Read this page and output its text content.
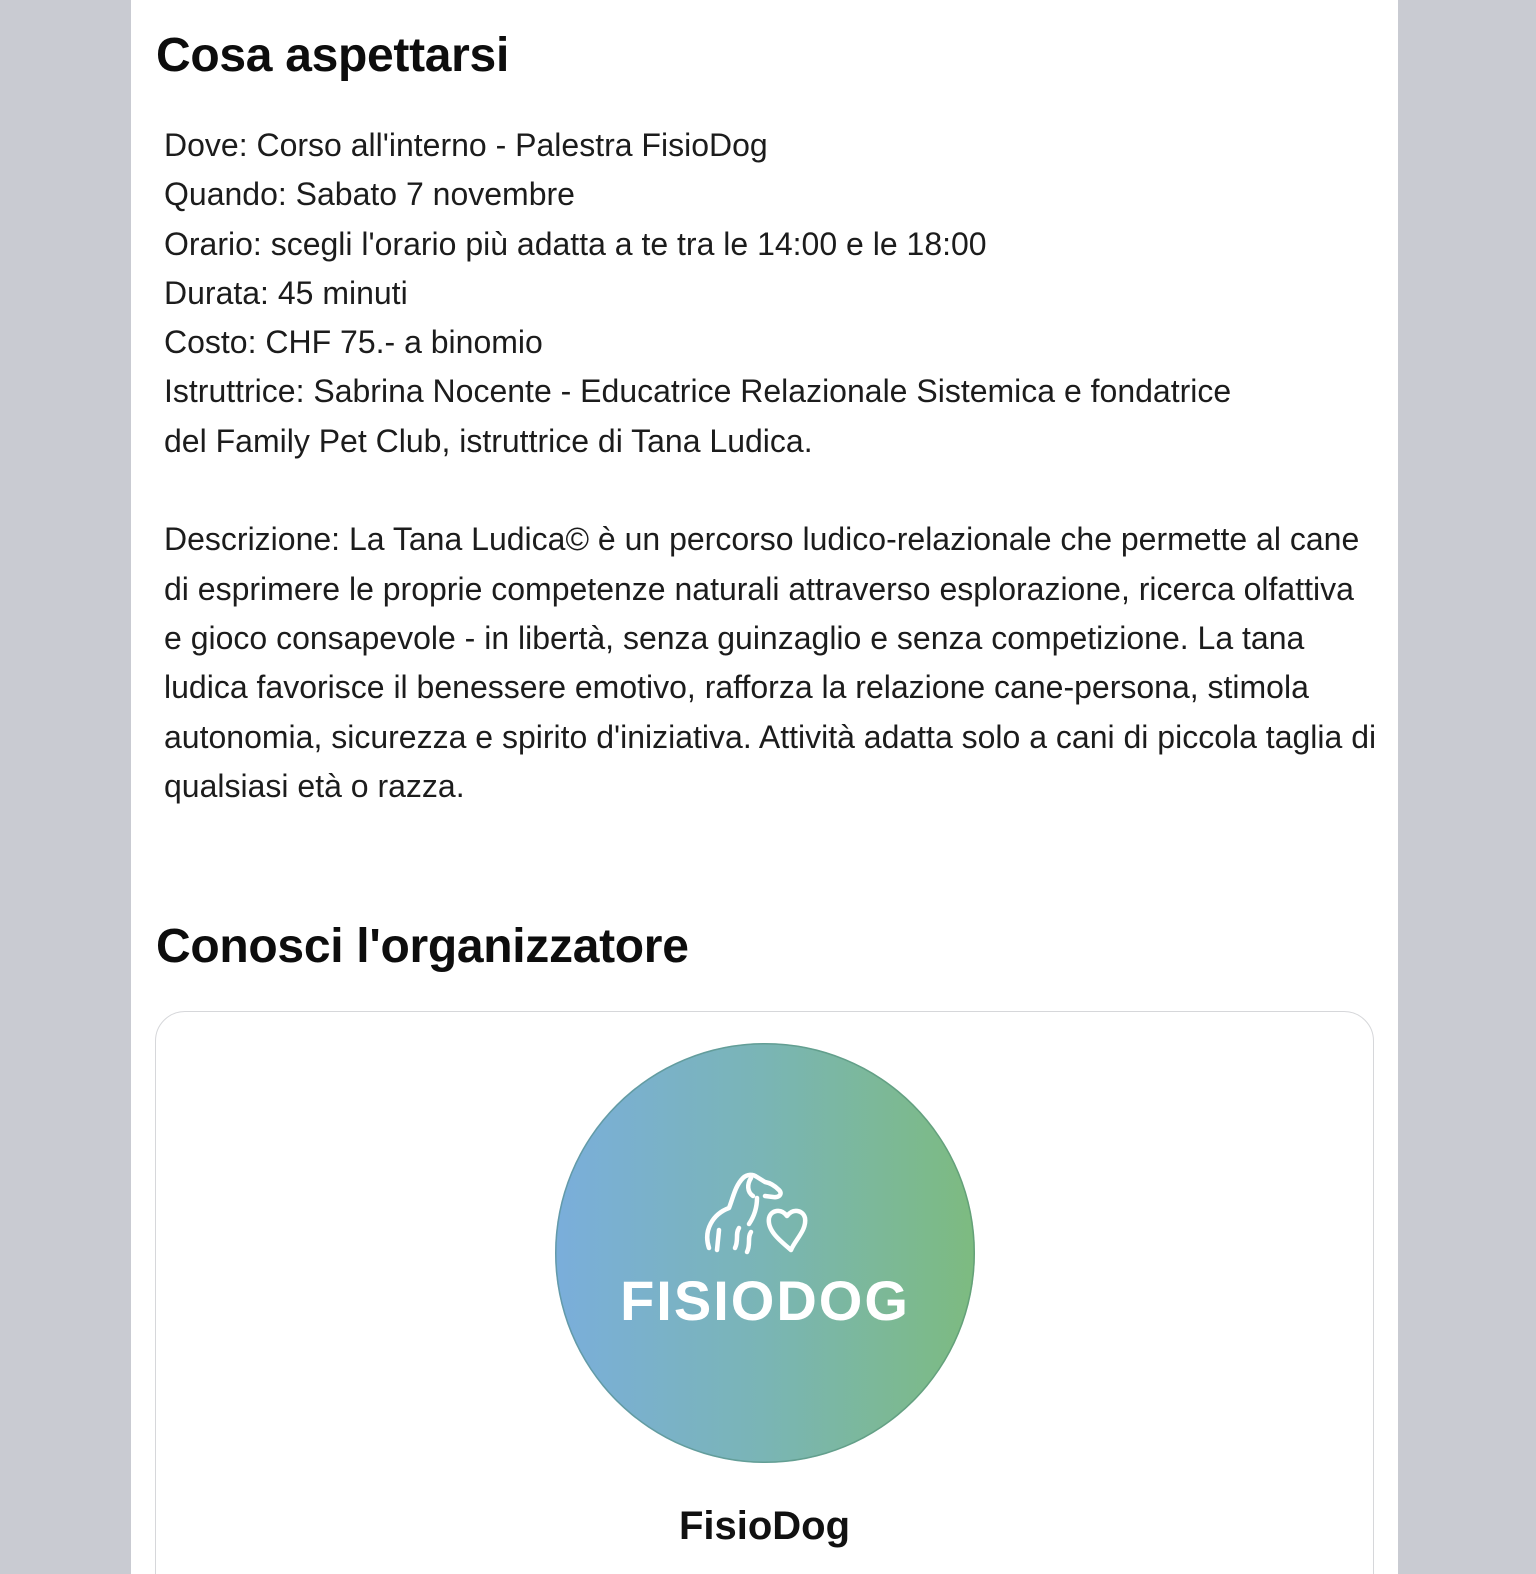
Cosa aspettarsi
Dove: Corso all'interno - Palestra FisioDog
Quando: Sabato 7 novembre
Orario: scegli l'orario più adatta a te tra le 14:00 e le 18:00
Durata: 45 minuti
Costo: CHF 75.- a binomio
Istruttrice: Sabrina Nocente - Educatrice Relazionale Sistemica e fondatrice
del Family Pet Club, istruttrice di Tana Ludica.
Descrizione: La Tana Ludica© è un percorso ludico-relazionale che permette al cane di esprimere le proprie competenze naturali attraverso esplorazione, ricerca olfattiva e gioco consapevole - in libertà, senza guinzaglio e senza competizione. La tana ludica favorisce il benessere emotivo, rafforza la relazione cane-persona, stimola autonomia, sicurezza e spirito d'iniziativa. Attività adatta solo a cani di piccola taglia di qualsiasi età o razza.
Conosci l'organizzatore
FISIODOG
FisioDog
